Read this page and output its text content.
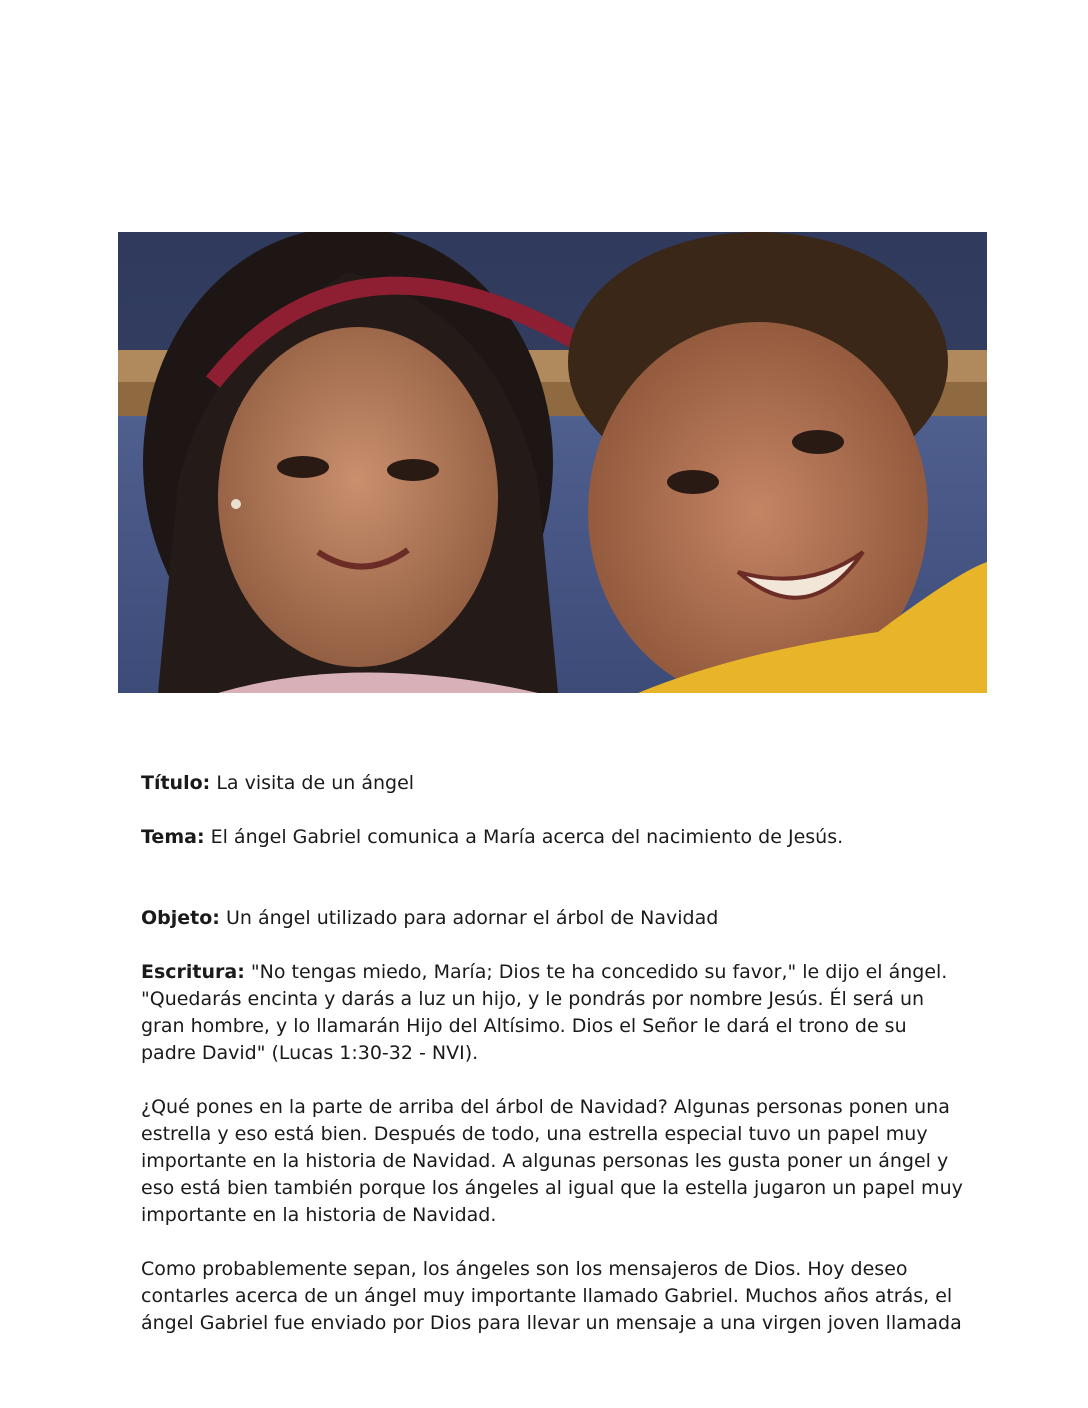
Título: La visita de un ángel

Tema: El ángel Gabriel comunica a María acerca del nacimiento de Jesús.

Objeto: Un ángel utilizado para adornar el árbol de Navidad

Escritura: "No tengas miedo, María; Dios te ha concedido su favor," le dijo el ángel.
"Quedarás encinta y darás a luz un hijo, y le pondrás por nombre Jesús. Él será un
gran hombre, y lo llamarán Hijo del Altísimo. Dios el Señor le dará el trono de su
padre David" (Lucas 1:30-32 - NVI).

¿Qué pones en la parte de arriba del árbol de Navidad? Algunas personas ponen una
estrella y eso está bien. Después de todo, una estrella especial tuvo un papel muy
importante en la historia de Navidad. A algunas personas les gusta poner un ángel y
eso está bien también porque los ángeles al igual que la estella jugaron un papel muy
importante en la historia de Navidad.

Como probablemente sepan, los ángeles son los mensajeros de Dios. Hoy deseo
contarles acerca de un ángel muy importante llamado Gabriel. Muchos años atrás, el
ángel Gabriel fue enviado por Dios para llevar un mensaje a una virgen joven llamada
